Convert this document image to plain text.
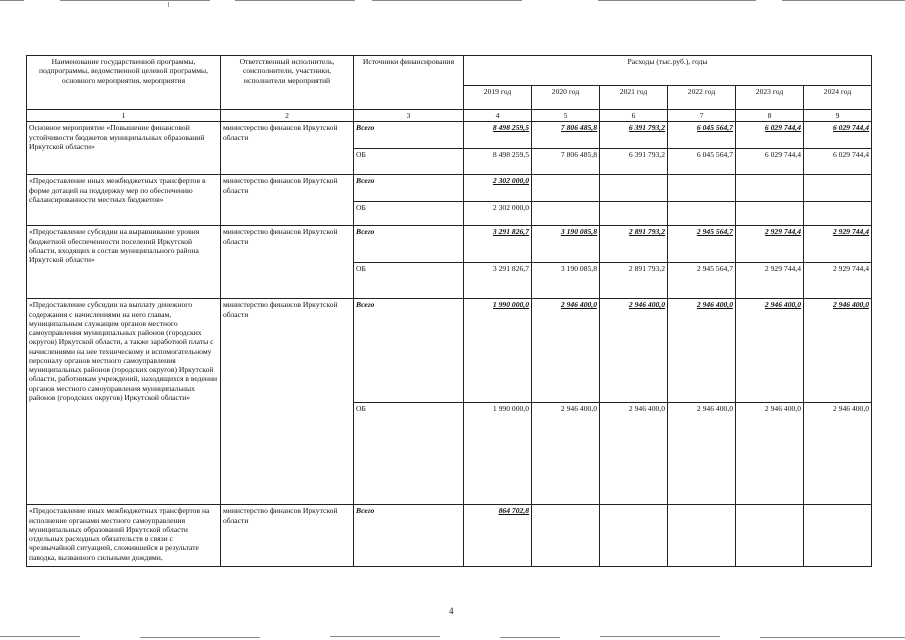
Наименование государственной программы, подпрограммы, ведомственной целевой программы, основного мероприятия, мероприятия	Ответственный исполнитель, соисполнители, участники, исполнители мероприятий	Источники финансирования	Расходы (тыс.руб.), годы					
			2019 год	2020 год	2021 год	2022 год	2023 год	2024 год
1	2	3	4	5	6	7	8	9
Основное мероприятие «Повышение финансовой устойчивости бюджетов муниципальных образований Иркутской области»	министерство финансов Иркутской области	Всего	8 498 259,5	7 806 485,8	6 391 793,2	6 045 564,7	6 029 744,4	6 029 744,4
		ОБ	8 498 259,5	7 806 485,8	6 391 793,2	6 045 564,7	6 029 744,4	6 029 744,4
«Предоставление иных межбюджетных трансфертов в форме дотаций на поддержку мер по обеспечению сбалансированности местных бюджетов»	министерство финансов Иркутской области	Всего	2 302 000,0					
		ОБ	2 302 000,0					
«Предоставление субсидии на выравнивание уровня бюджетной обеспеченности поселений Иркутской области, входящих в состав муниципального района Иркутской области»	министерство финансов Иркутской области	Всего	3 291 826,7	3 190 085,8	2 891 793,2	2 945 564,7	2 929 744,4	2 929 744,4
		ОБ	3 291 826,7	3 190 085,8	2 891 793,2	2 945 564,7	2 929 744,4	2 929 744,4
«Предоставление субсидии на выплату денежного содержания с начислениями на него главам, муниципальным служащим органов местного самоуправления муниципальных районов (городских округов) Иркутской области, а также заработной платы с начислениями на нее техническому и вспомогательному персоналу органов местного самоуправления муниципальных районов (городских округов) Иркутской области, работникам учреждений, находящихся в ведении органов местного самоуправления муниципальных районов (городских округов) Иркутской области»	министерство финансов Иркутской области	Всего	1 990 000,0	2 946 400,0	2 946 400,0	2 946 400,0	2 946 400,0	2 946 400,0
		ОБ	1 990 000,0	2 946 400,0	2 946 400,0	2 946 400,0	2 946 400,0	2 946 400,0
«Предоставление иных межбюджетных трансфертов на исполнение органами местного самоуправления муниципальных образований Иркутской области отдельных расходных обязательств в связи с чрезвычайной ситуацией, сложившейся в результате паводка, вызванного сильными дождями,	министерство финансов Иркутской области	Всего	864 702,8					
4
